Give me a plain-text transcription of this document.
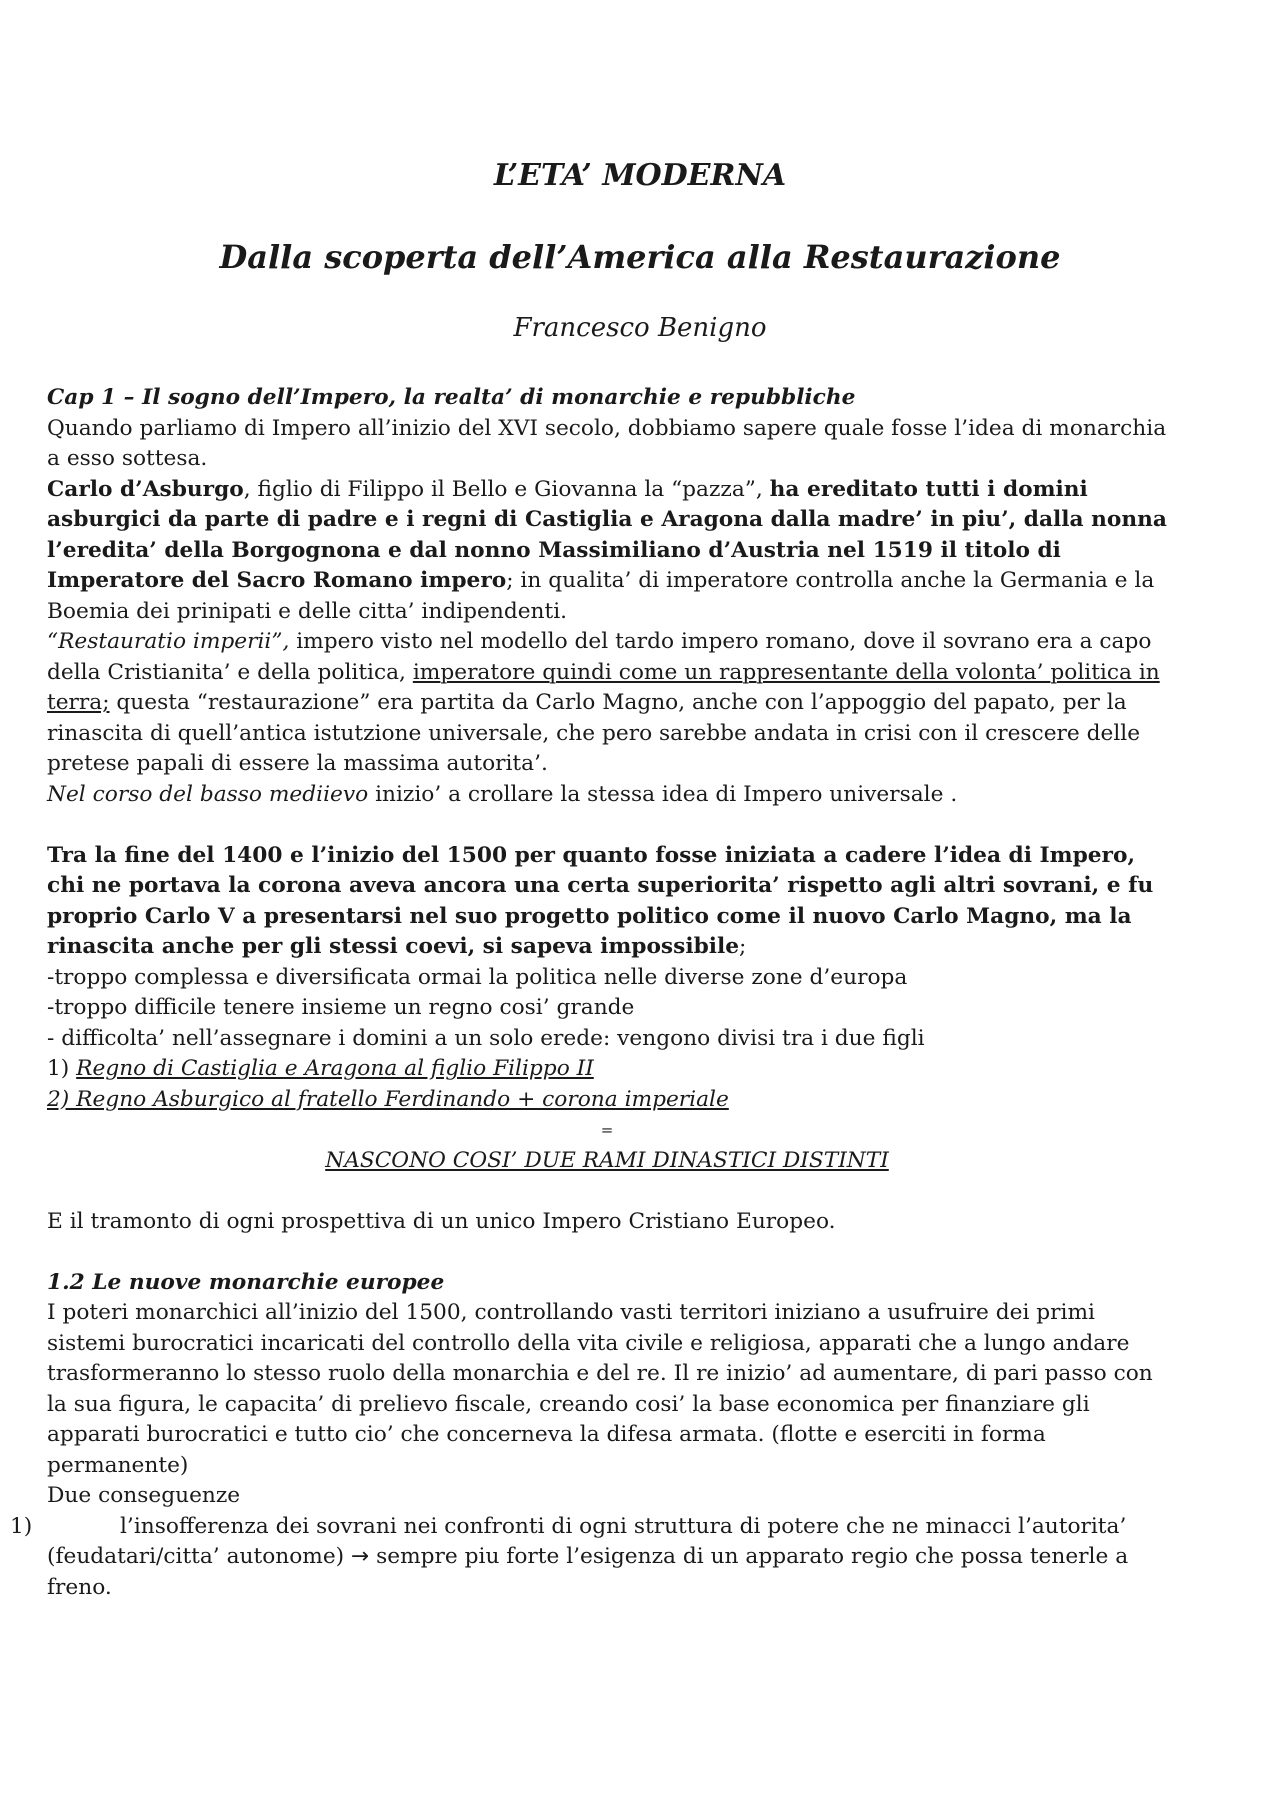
L’ETA’ MODERNA
Dalla scoperta dell’America alla Restaurazione
Francesco Benigno

Cap 1 – Il sogno dell’Impero, la realta’ di monarchie e repubbliche

Quando parliamo di Impero all’inizio del XVI secolo, dobbiamo sapere quale fosse l’idea di monarchia a esso sottesa.

Carlo d’Asburgo, figlio di Filippo il Bello e Giovanna la “pazza”, ha ereditato tutti i domini asburgici da parte di padre e i regni di Castiglia e Aragona dalla madre’ in piu’, dalla nonna l’eredita’ della Borgognona e dal nonno Massimiliano d’Austria nel 1519 il titolo di Imperatore del Sacro Romano impero; in qualita’ di imperatore controlla anche la Germania e la Boemia dei prinipati e delle citta’ indipendenti.

“Restauratio imperii”, impero visto nel modello del tardo impero romano, dove il sovrano era a capo della Cristianita’ e della politica, imperatore quindi come un rappresentante della volonta’ politica in terra; questa “restaurazione” era partita da Carlo Magno, anche con l’appoggio del papato, per la rinascita di quell’antica istutzione universale, che pero sarebbe andata in crisi con il crescere delle pretese papali di essere la massima autorita’.

Nel corso del basso mediievo inizio’ a crollare la stessa idea di Impero universale .

Tra la fine del 1400 e l’inizio del 1500 per quanto fosse iniziata a cadere l’idea di Impero, chi ne portava la corona aveva ancora una certa superiorita’ rispetto agli altri sovrani, e fu proprio Carlo V a presentarsi nel suo progetto politico come il nuovo Carlo Magno, ma la rinascita anche per gli stessi coevi, si sapeva impossibile;

-troppo complessa e diversificata ormai la politica nelle diverse zone d’europa

-troppo difficile tenere insieme un regno cosi’ grande

- difficolta’ nell’assegnare i domini a un solo erede: vengono divisi tra i due figli

1) Regno di Castiglia e Aragona al figlio Filippo II

2) Regno Asburgico al fratello Ferdinando + corona imperiale

=

NASCONO COSI’ DUE RAMI DINASTICI DISTINTI

E il tramonto di ogni prospettiva di un unico Impero Cristiano Europeo.

1.2 Le nuove monarchie europee

I poteri monarchici all’inizio del 1500, controllando vasti territori iniziano a usufruire dei primi sistemi burocratici incaricati del controllo della vita civile e religiosa, apparati che a lungo andare trasformeranno lo stesso ruolo della monarchia e del re. Il re inizio’ ad aumentare, di pari passo con la sua figura, le capacita’ di prelievo fiscale, creando cosi’ la base economica per finanziare gli apparati burocratici e tutto cio’ che concerneva la difesa armata. (flotte e eserciti in forma permanente)

Due conseguenze

1)	l’insofferenza dei sovrani nei confronti di ogni struttura di potere che ne minacci l’autorita’ (feudatari/citta’ autonome) → sempre piu forte l’esigenza di un apparato regio che possa tenerle a freno.
